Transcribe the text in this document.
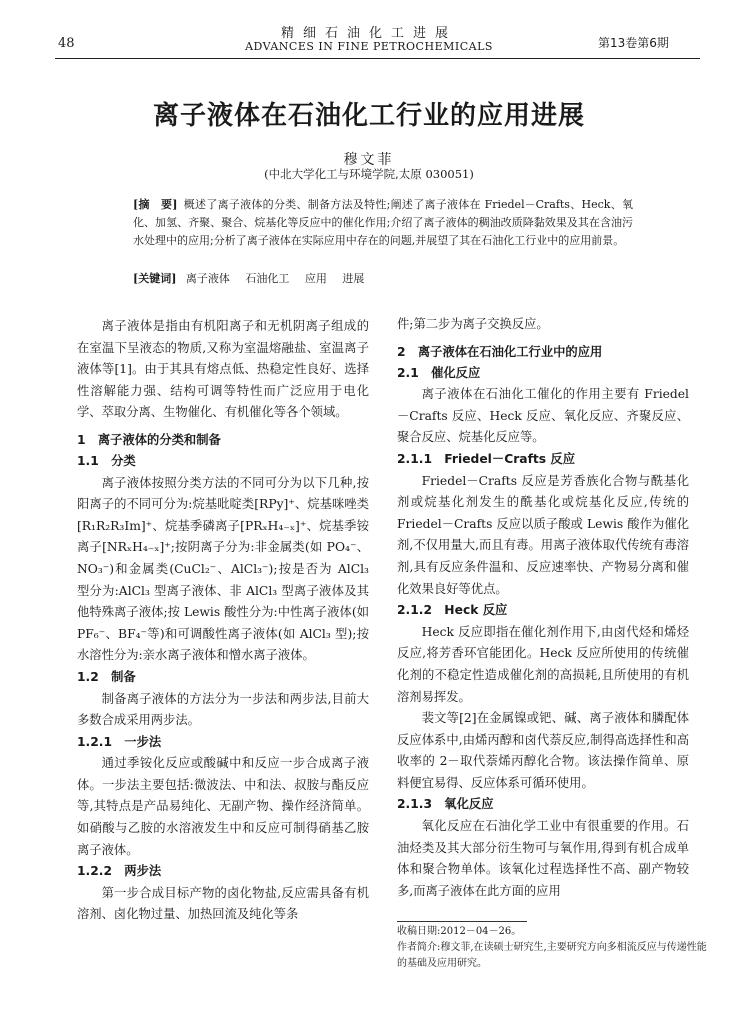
精细石油化工进展
ADVANCES IN FINE PETROCHEMICALS
48	第13卷第6期
离子液体在石油化工行业的应用进展
穆文菲
(中北大学化工与环境学院,太原 030051)
[摘　要] 概述了离子液体的分类、制备方法及特性;阐述了离子液体在 Friedel－Crafts、Heck、氧化、加氢、齐聚、聚合、烷基化等反应中的催化作用;介绍了离子液体的稠油改质降黏效果及其在含油污水处理中的应用;分析了离子液体在实际应用中存在的问题,并展望了其在石油化工行业中的应用前景。
[关键词] 离子液体 石油化工 应用 进展

离子液体是指由有机阳离子和无机阴离子组成的在室温下呈液态的物质,又称为室温熔融盐、室温离子液体等[1]。由于其具有熔点低、热稳定性良好、选择性溶解能力强、结构可调等特性而广泛应用于电化学、萃取分离、生物催化、有机催化等各个领域。

1　离子液体的分类和制备
1.1　分类

离子液体按照分类方法的不同可分为以下几种,按阳离子的不同可分为:烷基吡啶类[RPy]⁺、烷基咪唑类[R₁R₂R₃Im]⁺、烷基季磷离子[PRₓH₄₋ₓ]⁺、烷基季铵离子[NRₓH₄₋ₓ]⁺;按阴离子分为:非金属类(如 PO₄⁻、NO₃⁻)和金属类(CuCl₂⁻、AlCl₃⁻);按是否为 AlCl₃ 型分为:AlCl₃ 型离子液体、非 AlCl₃ 型离子液体及其他特殊离子液体;按 Lewis 酸性分为:中性离子液体(如 PF₆⁻、BF₄⁻等)和可调酸性离子液体(如 AlCl₃ 型);按水溶性分为:亲水离子液体和憎水离子液体。

1.2　制备

制备离子液体的方法分为一步法和两步法,目前大多数合成采用两步法。

1.2.1　一步法

通过季铵化反应或酸碱中和反应一步合成离子液体。一步法主要包括:微波法、中和法、叔胺与酯反应等,其特点是产品易纯化、无副产物、操作经济简单。如硝酸与乙胺的水溶液发生中和反应可制得硝基乙胺离子液体。

1.2.2　两步法

第一步合成目标产物的卤化物盐,反应需具备有机溶剂、卤化物过量、加热回流及纯化等条

件;第二步为离子交换反应。

2　离子液体在石油化工行业中的应用
2.1　催化反应

离子液体在石油化工催化的作用主要有 Friedel－Crafts 反应、Heck 反应、氧化反应、齐聚反应、聚合反应、烷基化反应等。

2.1.1　Friedel－Crafts 反应

Friedel－Crafts 反应是芳香族化合物与酰基化剂或烷基化剂发生的酰基化或烷基化反应,传统的 Friedel－Crafts 反应以质子酸或 Lewis 酸作为催化剂,不仅用量大,而且有毒。用离子液体取代传统有毒溶剂,具有反应条件温和、反应速率快、产物易分离和催化效果良好等优点。

2.1.2　Heck 反应

Heck 反应即指在催化剂作用下,由卤代烃和烯烃反应,将芳香环官能团化。Heck 反应所使用的传统催化剂的不稳定性造成催化剂的高损耗,且所使用的有机溶剂易挥发。

裴文等[2]在金属镍或钯、碱、离子液体和膦配体反应体系中,由烯丙醇和卤代萘反应,制得高选择性和高收率的 2－取代萘烯丙醇化合物。该法操作简单、原料便宜易得、反应体系可循环使用。

2.1.3　氧化反应

氧化反应在石油化学工业中有很重要的作用。石油烃类及其大部分衍生物可与氧作用,得到有机合成单体和聚合物单体。该氧化过程选择性不高、副产物较多,而离子液体在此方面的应用

收稿日期:2012－04－26。

作者简介:穆文菲,在读硕士研究生,主要研究方向多相流反应与传递性能的基础及应用研究。
